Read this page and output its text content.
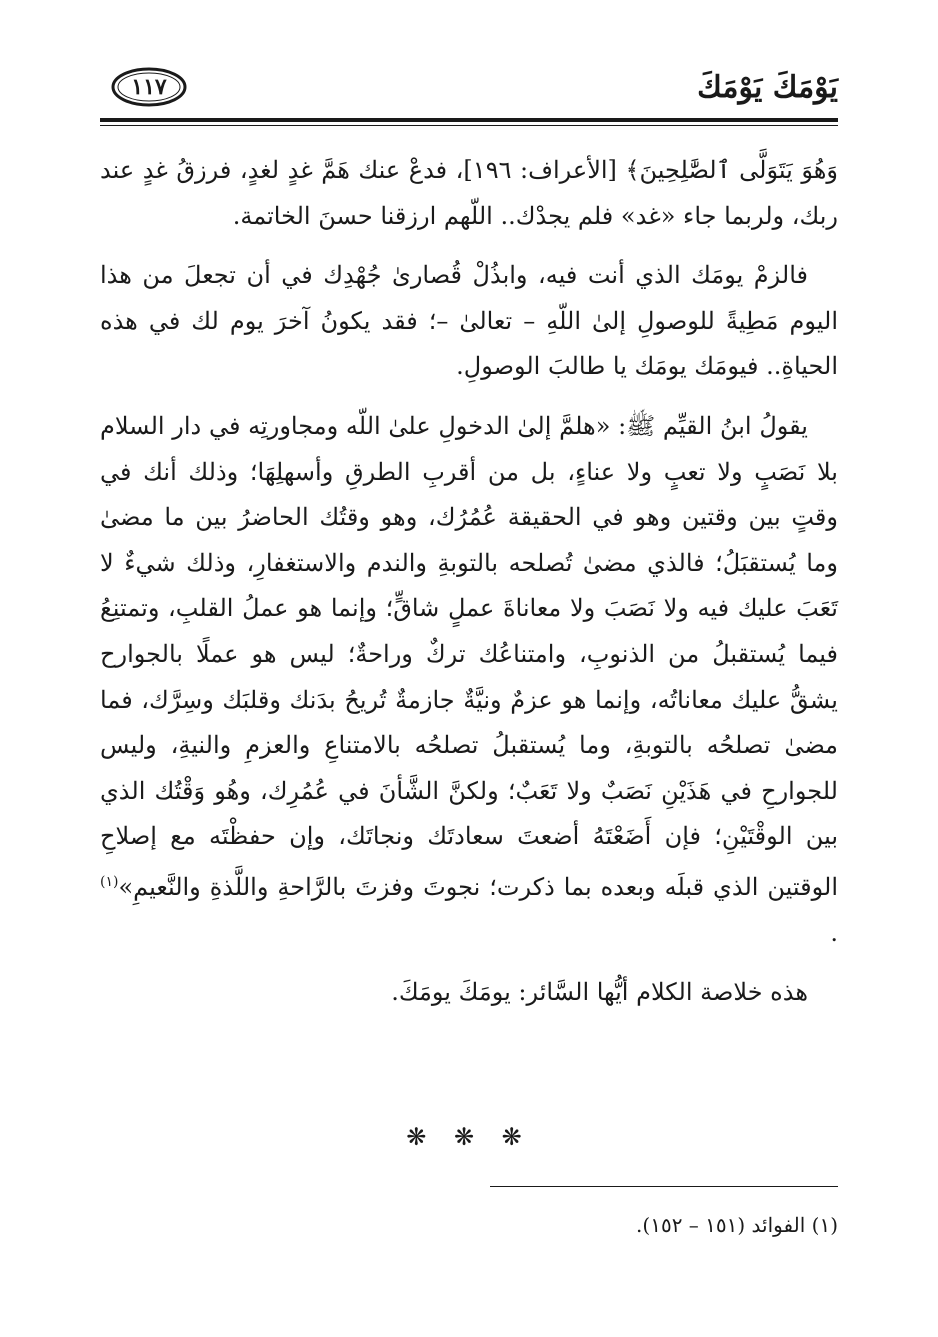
١١٧	يَوْمَكَ يَوْمَكَ

وَهُوَ يَتَوَلَّى ٱلصَّٰلِحِينَ﴾ [الأعراف: ١٩٦]، فدعْ عنك هَمَّ غدٍ لغدٍ، فرزقُ غدٍ عند ربك، ولربما جاء «غد» فلم يجدْك.. اللّهم ارزقنا حسنَ الخاتمة.

فالزمْ يومَك الذي أنت فيه، وابذُلْ قُصارىٰ جُهْدِك في أن تجعلَ من هذا اليوم مَطِيةً للوصولِ إلىٰ اللّهِ – تعالىٰ –؛ فقد يكونُ آخرَ يوم لك في هذه الحياةِ.. فيومَك يومَك يا طالبَ الوصولِ.

يقولُ ابنُ القيِّم ﷺ: «هلمَّ إلىٰ الدخولِ علىٰ اللّه ومجاورتِه في دار السلام بلا نَصَبٍ ولا تعبٍ ولا عناءٍ، بل من أقربِ الطرقِ وأسهلِهَا؛ وذلك أنك في وقتٍ بين وقتين وهو في الحقيقة عُمُرُك، وهو وقتُك الحاضرُ بين ما مضىٰ وما يُستقبَلُ؛ فالذي مضىٰ تُصلحه بالتوبةِ والندم والاستغفارِ، وذلك شيءٌ لا تَعَبَ عليك فيه ولا نَصَبَ ولا معاناةَ عملٍ شاقٍّ؛ وإنما هو عملُ القلبِ، وتمتنِعُ فيما يُستقبلُ من الذنوبِ، وامتناعُك تركٌ وراحةٌ؛ ليس هو عملًا بالجوارح يشقُّ عليك معاناتُه، وإنما هو عزمٌ ونيَّةٌ جازمةٌ تُريحُ بدَنك وقلبَك وسِرَّك، فما مضىٰ تصلحُه بالتوبةِ، وما يُستقبلُ تصلحُه بالامتناعِ والعزمِ والنيةِ، وليس للجوارحِ في هَذَيْنِ نَصَبٌ ولا تَعَبٌ؛ ولكنَّ الشَّأنَ في عُمُرِك، وهُو وَقْتُك الذي بين الوقْتَيْنِ؛ فإن أَضَعْتَهُ أضعتَ سعادتَك ونجاتَك، وإن حفظْتَه مع إصلاحِ الوقتين الذي قبلَه وبعده بما ذكرت؛ نجوتَ وفزتَ بالرَّاحةِ واللَّذةِ والنَّعيمِ»$^{(١)}$ .

هذه خلاصة الكلام أيُّها السَّائر: يومَكَ يومَكَ.

❋ ❋ ❋
(١) الفوائد (١٥١ – ١٥٢).
